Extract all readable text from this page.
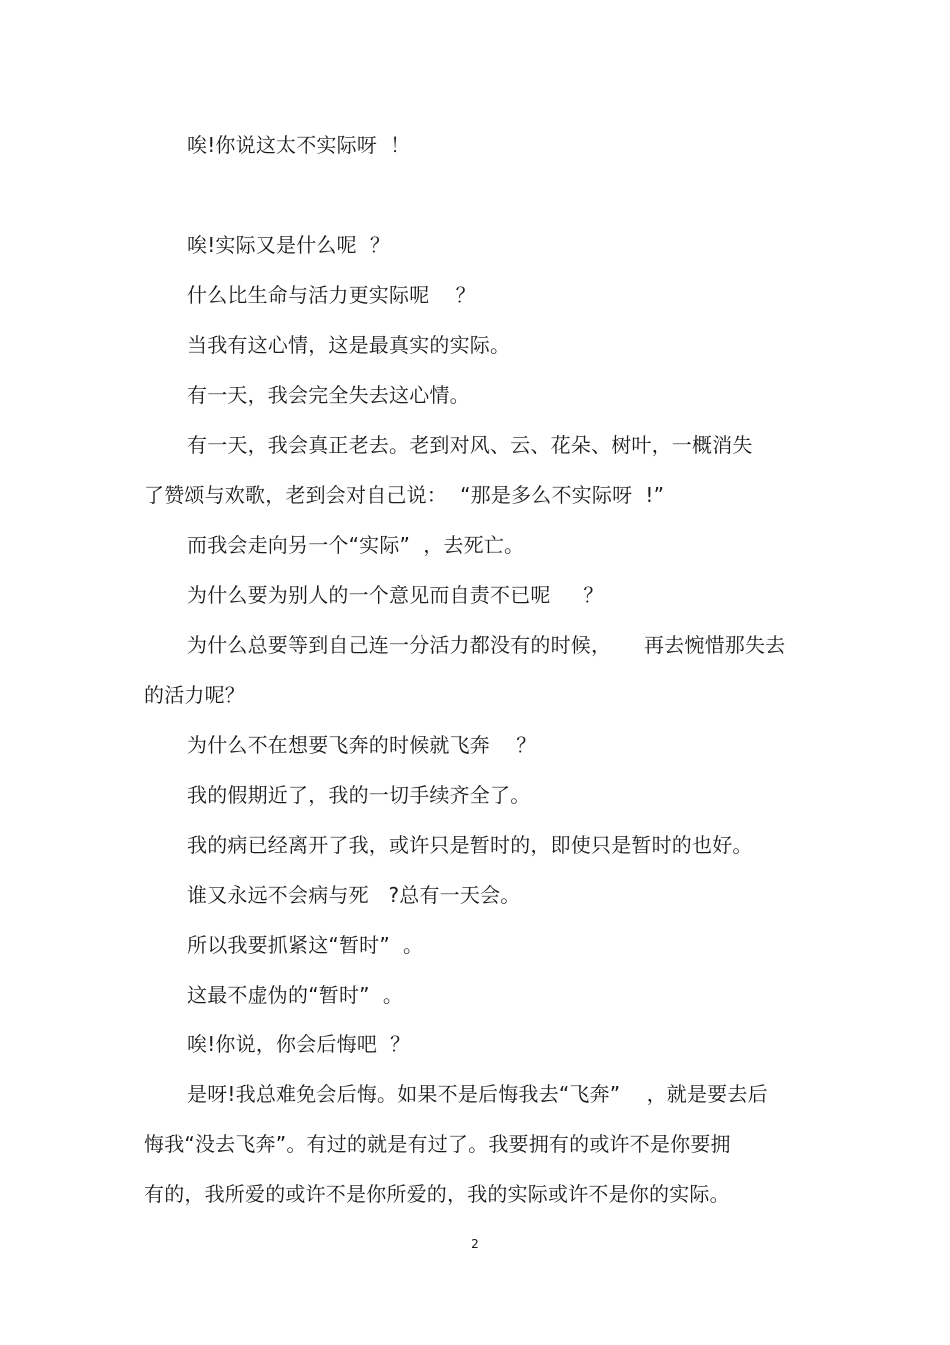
唉!你说这太不实际呀  ！
唉!实际又是什么呢  ？
什么比生命与活力更实际呢    ？
当我有这心情，这是最真实的实际。
有一天，我会完全失去这心情。
有一天，我会真正老去。老到对风、云、花朵、树叶，一概消失
了赞颂与欢歌，老到会对自己说：  “那是多么不实际呀  !”
而我会走向另一个“实际”  ，去死亡。
为什么要为别人的一个意见而自责不已呢     ？
为什么总要等到自己连一分活力都没有的时候，     再去惋惜那失去
的活力呢？
为什么不在想要飞奔的时候就飞奔    ？
我的假期近了，我的一切手续齐全了。
我的病已经离开了我，或许只是暂时的，即使只是暂时的也好。
谁又永远不会病与死   ?总有一天会。
所以我要抓紧这“暂时”  。
这最不虚伪的“暂时”  。
唉!你说，你会后悔吧  ？
是呀!我总难免会后悔。如果不是后悔我去“飞奔”    ，就是要去后
悔我“没去飞奔”。有过的就是有过了。我要拥有的或许不是你要拥
有的，我所爱的或许不是你所爱的，我的实际或许不是你的实际。
2
